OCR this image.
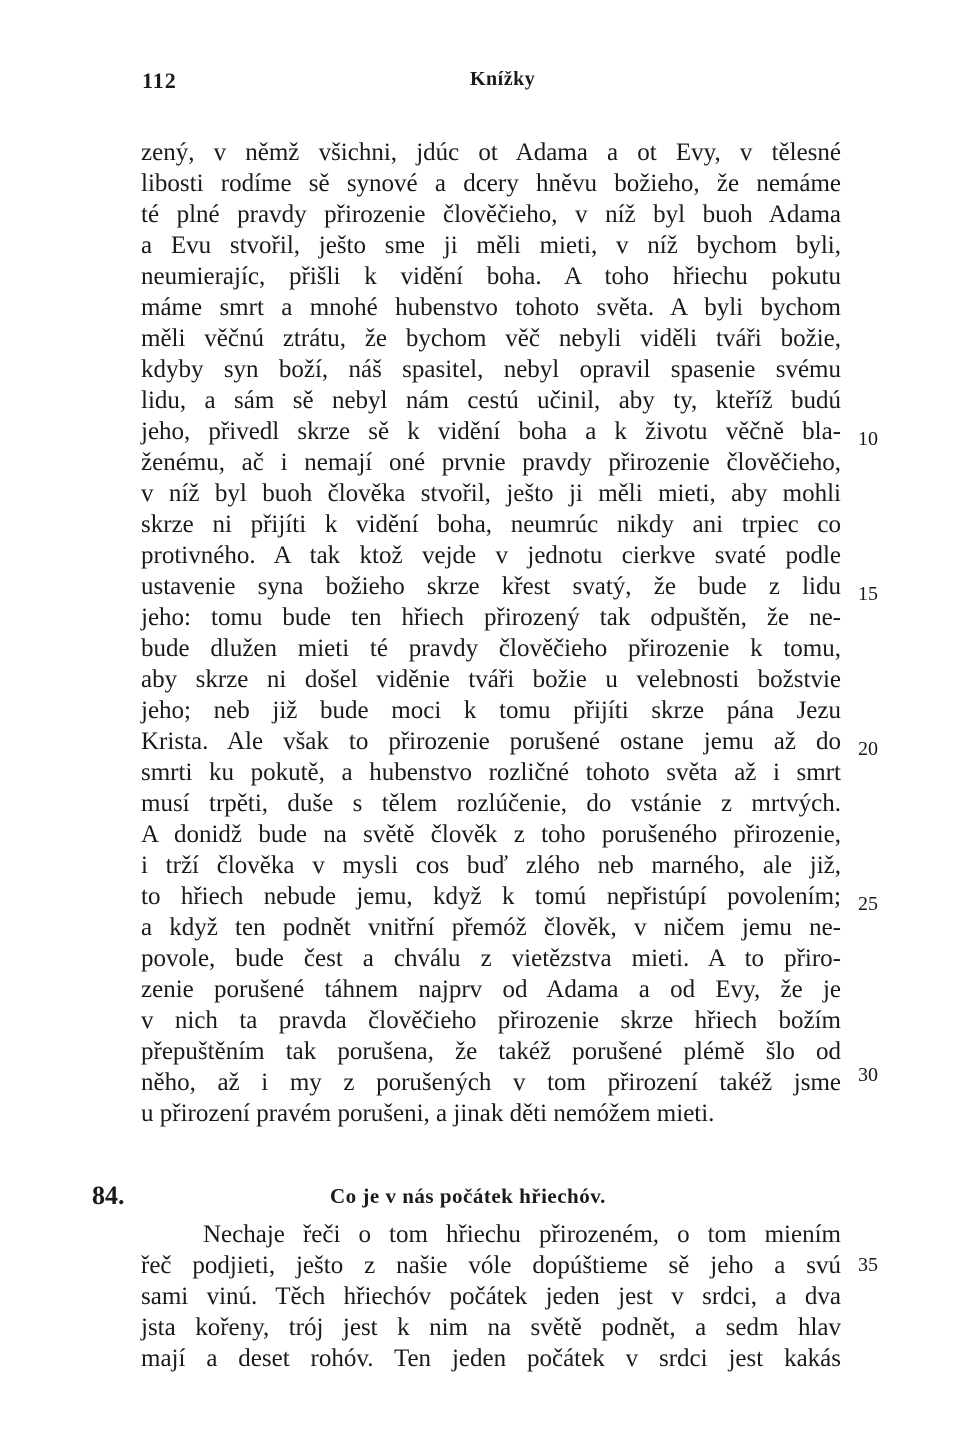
112	Knížky
zený, v němž všichni, jdúc ot Adama a ot Evy, v tělesné
libosti rodíme sě synové a dcery hněvu božieho, že nemáme
té plné pravdy přirozenie člověčieho, v níž byl buoh Adama
a Evu stvořil, ješto sme ji měli mieti, v níž bychom byli,
neumierajíc, přišli k vidění boha. A toho hřiechu pokutu
máme smrt a mnohé hubenstvo tohoto světa. A byli bychom
měli věčnú ztrátu, že bychom věč nebyli viděli tváři božie,
kdyby syn boží, náš spasitel, nebyl opravil spasenie svému
lidu, a sám sě nebyl nám cestú učinil, aby ty, kteříž budú
jeho, přivedl skrze sě k vidění boha a k životu věčně bla-
ženému, ač i nemají oné prvnie pravdy přirozenie člověčieho,
v níž byl buoh člověka stvořil, ješto ji měli mieti, aby mohli
skrze ni přijíti k vidění boha, neumrúc nikdy ani trpiec co
protivného. A tak ktož vejde v jednotu cierkve svaté podle
ustavenie syna božieho skrze křest svatý, že bude z lidu
jeho: tomu bude ten hřiech přirozený tak odpuštěn, že ne-
bude dlužen mieti té pravdy člověčieho přirozenie k tomu,
aby skrze ni došel viděnie tváři božie u velebnosti božstvie
jeho; neb již bude moci k tomu přijíti skrze pána Jezu
Krista. Ale však to přirozenie porušené ostane jemu až do
smrti ku pokutě, a hubenstvo rozličné tohoto světa až i smrt
musí trpěti, duše s tělem rozlúčenie, do vstánie z mrtvých.
A donidž bude na světě člověk z toho porušeného přirozenie,
i trží člověka v mysli cos buď zlého neb marného, ale již,
to hřiech nebude jemu, když k tomú nepřistúpí povolením;
a když ten podnět vnitřní přemóž člověk, v ničem jemu ne-
povole, bude čest a chválu z vietězstva mieti. A to přiro-
zenie porušené táhnem najprv od Adama a od Evy, že je
v nich ta pravda člověčieho přirozenie skrze hřiech božím
přepuštěním tak porušena, že takéž porušené plémě šlo od
něho, až i my z porušených v tom přirození takéž jsme
u přirození pravém porušeni, a jinak děti nemóžem mieti.
10
15
20
25
30
35
84.	Co je v nás počátek hřiechóv.
Nechaje řeči o tom hřiechu přirozeném, o tom miením
řeč podjieti, ješto z našie vóle dopúštieme sě jeho a svú
sami vinú. Těch hřiechóv počátek jeden jest v srdci, a dva
jsta kořeny, trój jest k nim na světě podnět, a sedm hlav
mají a deset rohóv. Ten jeden počátek v srdci jest kakás
